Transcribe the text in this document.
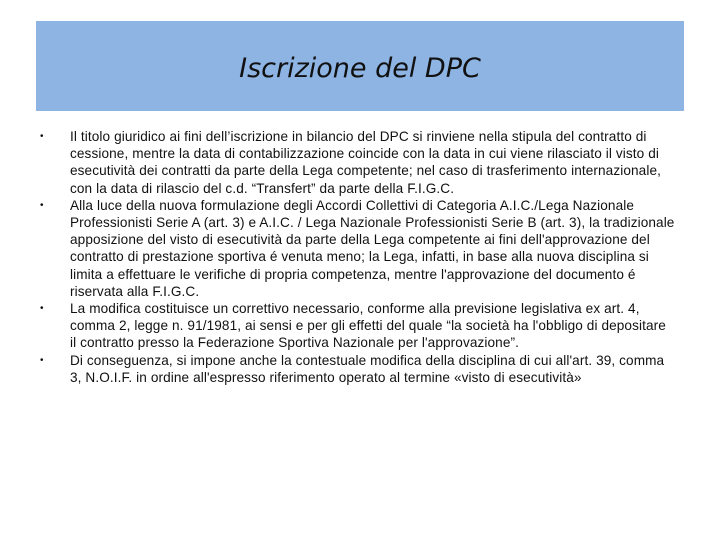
Iscrizione del DPC
•	Il titolo giuridico ai fini dell’iscrizione in bilancio del DPC si rinviene nella stipula del contratto di cessione, mentre la data di contabilizzazione coincide con la data in cui viene rilasciato il visto di esecutività dei contratti da parte della Lega competente; nel caso di trasferimento internazionale, con la data di rilascio del c.d. “Transfert” da parte della F.I.G.C.
•	Alla luce della nuova formulazione degli Accordi Collettivi di Categoria A.I.C./Lega Nazionale Professionisti Serie A (art. 3) e A.I.C. / Lega Nazionale Professionisti Serie B (art. 3), la tradizionale apposizione del visto di esecutività da parte della Lega competente ai fini dell'approvazione del contratto di prestazione sportiva é venuta meno; la Lega, infatti, in base alla nuova disciplina si limita a effettuare le verifiche di propria competenza, mentre l'approvazione del documento é riservata alla F.I.G.C.
•	La modifica costituisce un correttivo necessario, conforme alla previsione legislativa ex art. 4, comma 2, legge n. 91/1981, ai sensi e per gli effetti del quale “la società ha l'obbligo di depositare il contratto presso la Federazione Sportiva Nazionale per l'approvazione”.
•	Di conseguenza, si impone anche la contestuale modifica della disciplina di cui all'art. 39, comma 3, N.O.I.F. in ordine all'espresso riferimento operato al termine «visto di esecutività»
